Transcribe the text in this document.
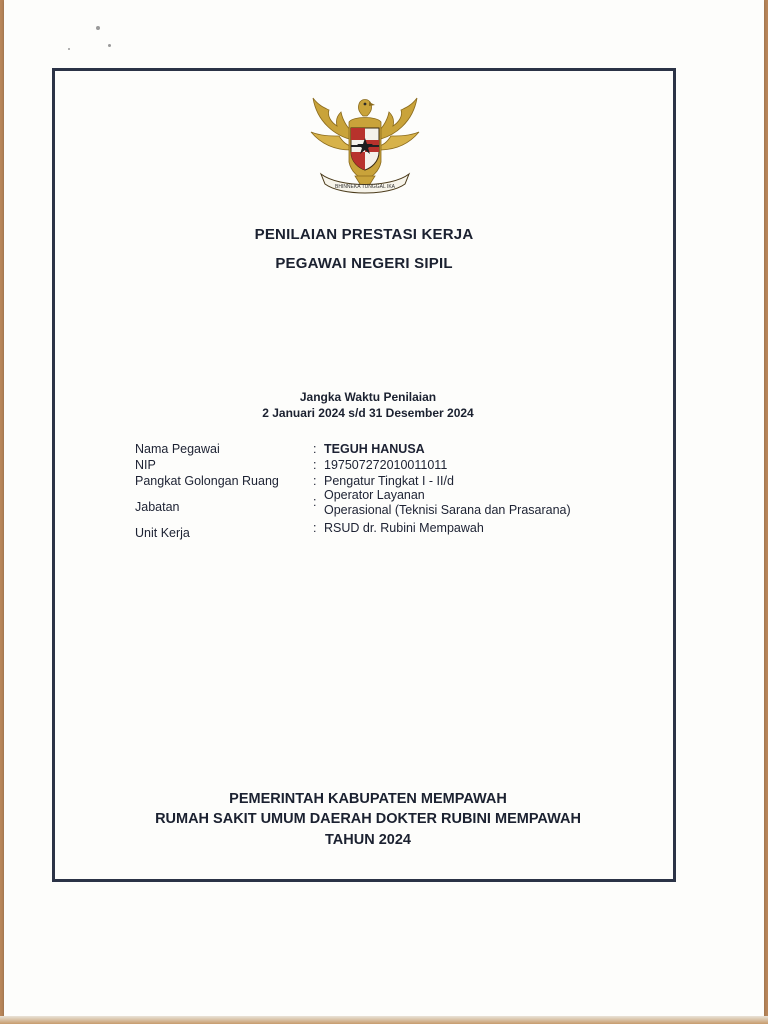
BHINNEKA TUNGGAL IKA
PENILAIAN PRESTASI KERJA
PEGAWAI NEGERI SIPIL
Jangka Waktu Penilaian
2 Januari 2024 s/d 31 Desember 2024
Nama Pegawai	: TEGUH HANUSA
NIP	: 197507272010011011
Pangkat Golongan Ruang	: Pengatur Tingkat I - II/d
Jabatan	: Operator Layanan
Operasional (Teknisi Sarana dan Prasarana)
Unit Kerja	: RSUD dr. Rubini Mempawah
PEMERINTAH KABUPATEN MEMPAWAH
RUMAH SAKIT UMUM DAERAH DOKTER RUBINI MEMPAWAH
TAHUN 2024
